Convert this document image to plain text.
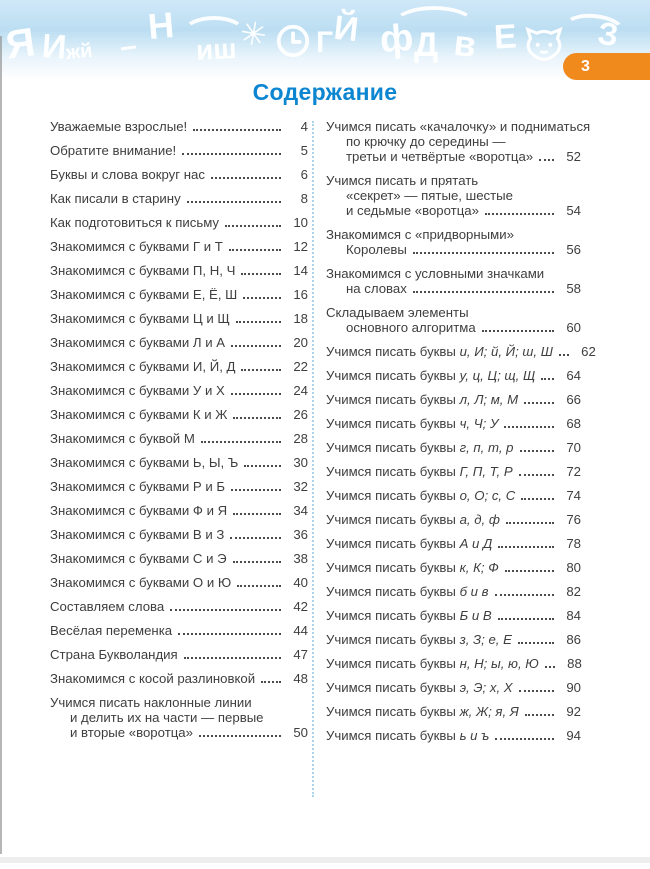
Я И
жй
Н
– иш ✳ Г Й ф Д в Е З
3
Содержание
Уважаемые взрослые!	4
Обратите внимание!	5
Буквы и слова вокруг нас	6
Как писали в старину	8
Как подготовиться к письму	10
Знакомимся с буквами Г и Т	12
Знакомимся с буквами П, Н, Ч	14
Знакомимся с буквами Е, Ё, Ш	16
Знакомимся с буквами Ц и Щ	18
Знакомимся с буквами Л и А	20
Знакомимся с буквами И, Й, Д	22
Знакомимся с буквами У и Х	24
Знакомимся с буквами К и Ж	26
Знакомимся с буквой М	28
Знакомимся с буквами Ь, Ы, Ъ	30
Знакомимся с буквами Р и Б	32
Знакомимся с буквами Ф и Я	34
Знакомимся с буквами В и З	36
Знакомимся с буквами С и Э	38
Знакомимся с буквами О и Ю	40
Составляем слова	42
Весёлая переменка	44
Страна Букволандия	47
Знакомимся с косой разлиновкой	48
Учимся писать наклонные линии
и делить их на части — первые
и вторые «воротца»	50
Учимся писать «качалочку» и подниматься
по крючку до середины —
третьи и четвёртые «воротца»	52
Учимся писать и прятать
«секрет» — пятые, шестые
и седьмые «воротца»	54
Знакомимся с «придворными»
Королевы	56
Знакомимся с условными значками
на словах	58
Складываем элементы
основного алгоритма	60
Учимся писать буквы и, И; й, Й; ш, Ш	62
Учимся писать буквы у, ц, Ц; щ, Щ	64
Учимся писать буквы л, Л; м, М	66
Учимся писать буквы ч, Ч; У	68
Учимся писать буквы г, п, т, р	70
Учимся писать буквы Г, П, Т, Р	72
Учимся писать буквы о, О; с, С	74
Учимся писать буквы а, д, ф	76
Учимся писать буквы А и Д	78
Учимся писать буквы к, К; Ф	80
Учимся писать буквы б и в	82
Учимся писать буквы Б и В	84
Учимся писать буквы з, З; е, Е	86
Учимся писать буквы н, Н; ы, ю, Ю	88
Учимся писать буквы э, Э; х, Х	90
Учимся писать буквы ж, Ж; я, Я	92
Учимся писать буквы ь и ъ	94
